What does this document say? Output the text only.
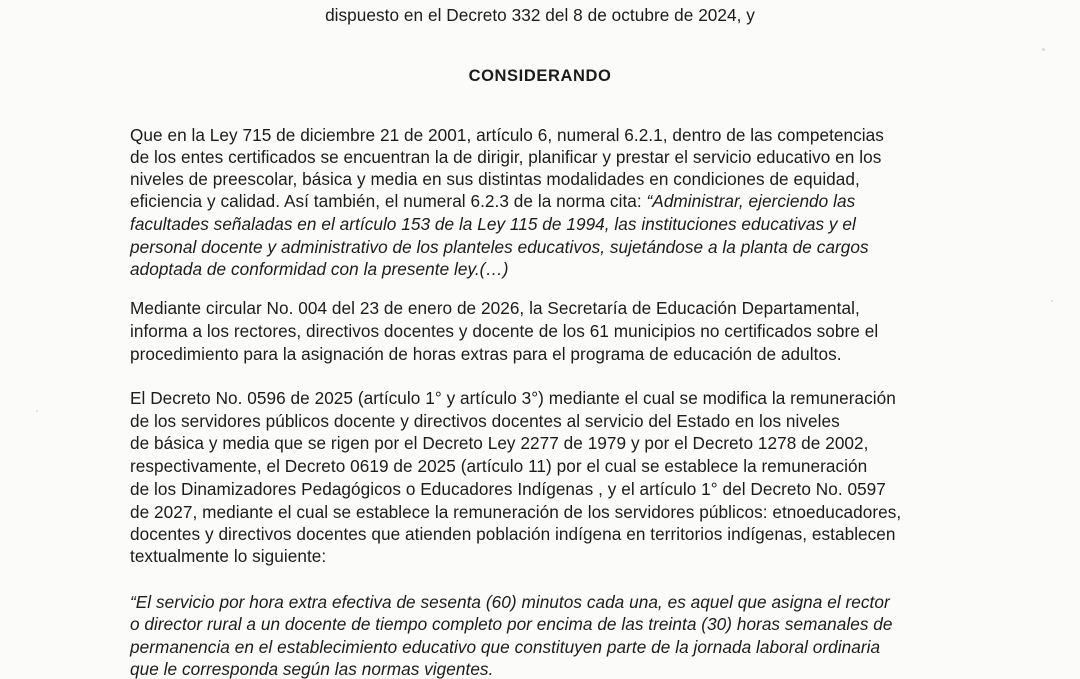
dispuesto en el Decreto 332 del 8 de octubre de 2024, y
CONSIDERANDO
Que en la Ley 715 de diciembre 21 de 2001, artículo 6, numeral 6.2.1, dentro de las competencias
de los entes certificados se encuentran la de dirigir, planificar y prestar el servicio educativo en los
niveles de preescolar, básica y media en sus distintas modalidades en condiciones de equidad,
eficiencia y calidad. Así también, el numeral 6.2.3 de la norma cita: “Administrar, ejerciendo las
facultades señaladas en el artículo 153 de la Ley 115 de 1994, las instituciones educativas y el
personal docente y administrativo de los planteles educativos, sujetándose a la planta de cargos
adoptada de conformidad con la presente ley.(…)
Mediante circular No. 004 del 23 de enero de 2026, la Secretaría de Educación Departamental,
informa a los rectores, directivos docentes y docente de los 61 municipios no certificados sobre el
procedimiento para la asignación de horas extras para el programa de educación de adultos.
El Decreto No. 0596 de 2025 (artículo 1° y artículo 3°) mediante el cual se modifica la remuneración
de los servidores públicos docente y directivos docentes al servicio del Estado en los niveles
de básica y media que se rigen por el Decreto Ley 2277 de 1979 y por el Decreto 1278 de 2002,
respectivamente, el Decreto 0619 de 2025 (artículo 11) por el cual se establece la remuneración
de los Dinamizadores Pedagógicos o Educadores Indígenas , y el artículo 1° del Decreto No. 0597
de 2027, mediante el cual se establece la remuneración de los servidores públicos: etnoeducadores,
docentes y directivos docentes que atienden población indígena en territorios indígenas, establecen
textualmente lo siguiente:
“El servicio por hora extra efectiva de sesenta (60) minutos cada una, es aquel que asigna el rector
o director rural a un docente de tiempo completo por encima de las treinta (30) horas semanales de
permanencia en el establecimiento educativo que constituyen parte de la jornada laboral ordinaria
que le corresponda según las normas vigentes.
